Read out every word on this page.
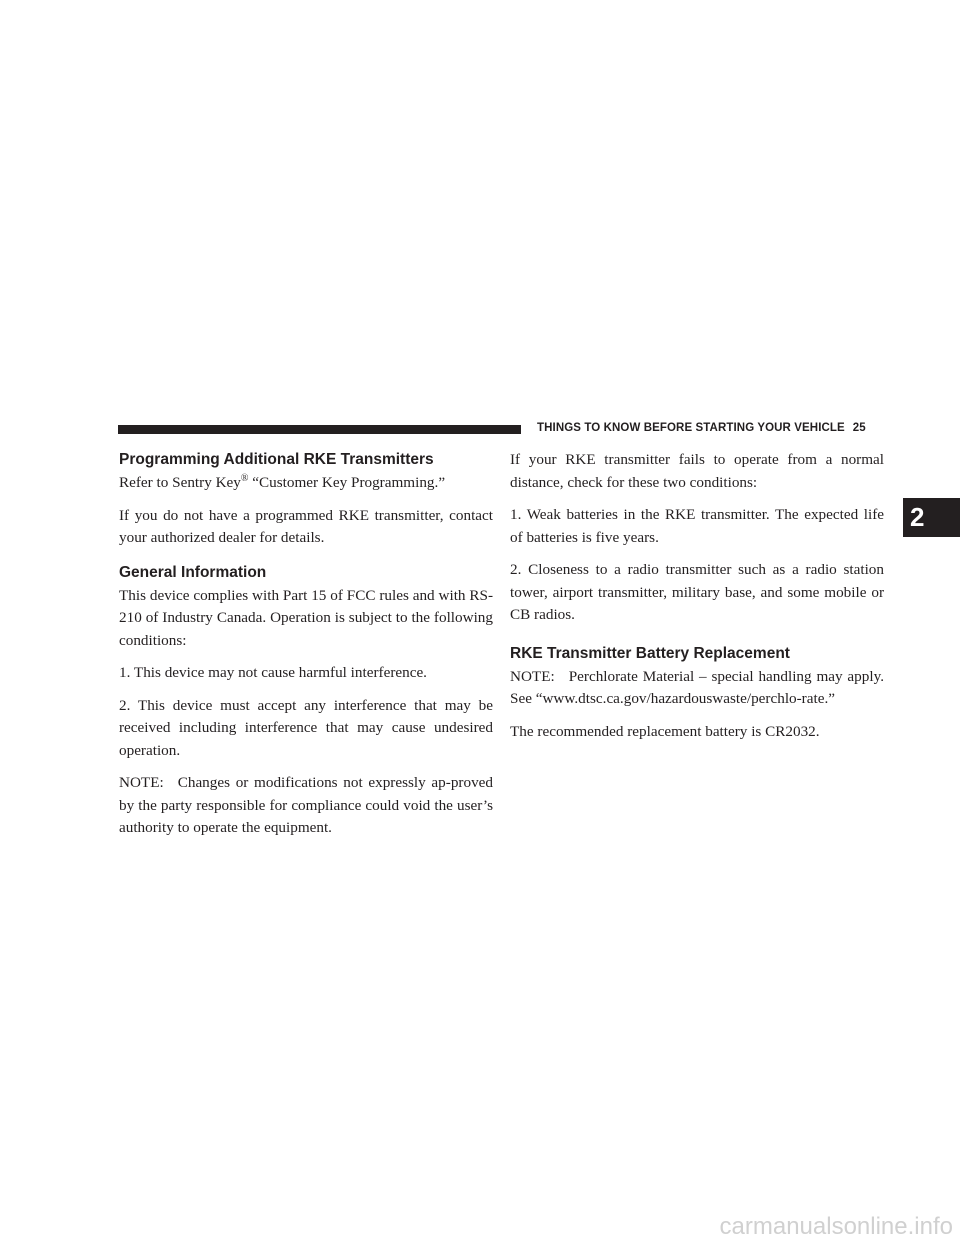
THINGS TO KNOW BEFORE STARTING YOUR VEHICLE 25
2
Programming Additional RKE Transmitters

Refer to Sentry Key® “Customer Key Programming.”

If you do not have a programmed RKE transmitter, contact your authorized dealer for details.

General Information

This device complies with Part 15 of FCC rules and with RS-210 of Industry Canada. Operation is subject to the following conditions:

1. This device may not cause harmful interference.

2. This device must accept any interference that may be received including interference that may cause undesired operation.

NOTE: Changes or modifications not expressly ap-proved by the party responsible for compliance could void the user’s authority to operate the equipment.

If your RKE transmitter fails to operate from a normal distance, check for these two conditions:

1. Weak batteries in the RKE transmitter. The expected life of batteries is five years.

2. Closeness to a radio transmitter such as a radio station tower, airport transmitter, military base, and some mobile or CB radios.

RKE Transmitter Battery Replacement

NOTE: Perchlorate Material – special handling may apply. See “www.dtsc.ca.gov/hazardouswaste/perchlo-rate.”

The recommended replacement battery is CR2032.

carmanualsonline.info
